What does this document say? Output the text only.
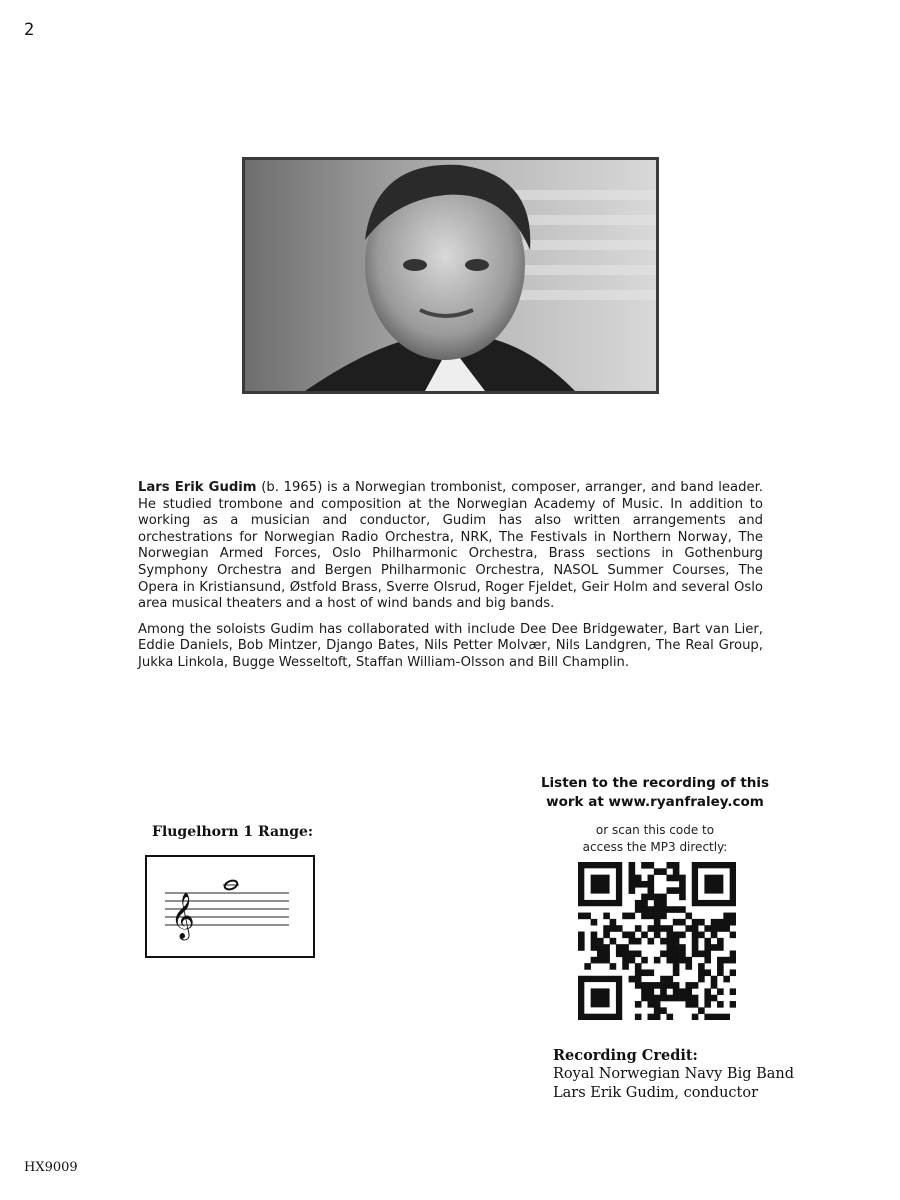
2

Lars Erik Gudim (b. 1965) is a Norwegian trombonist, composer, arranger, and band leader. He studied trombone and composition at the Norwegian Academy of Music. In addition to working as a musician and conductor, Gudim has also written arrangements and orchestrations for Norwegian Radio Orchestra, NRK, The Festivals in Northern Norway, The Norwegian Armed Forces, Oslo Philharmonic Orchestra, Brass sections in Gothenburg Symphony Orchestra and Bergen Philharmonic Orchestra, NASOL Summer Courses, The Opera in Kristiansund, Østfold Brass, Sverre Olsrud, Roger Fjeldet, Geir Holm and several Oslo area musical theaters and a host of wind bands and big bands.

Among the soloists Gudim has collaborated with include Dee Dee Bridgewater, Bart van Lier, Eddie Daniels, Bob Mintzer, Django Bates, Nils Petter Molvær, Nils Landgren, The Real Group, Jukka Linkola, Bugge Wesseltoft, Staffan William-Olsson and Bill Champlin.

Listen to the recording of this
work at www.ryanfraley.com
or scan this code to
access the MP3 directly:
Flugelhorn 1 Range:
𝄞
Recording Credit:
Royal Norwegian Navy Big Band
Lars Erik Gudim, conductor
HX9009
